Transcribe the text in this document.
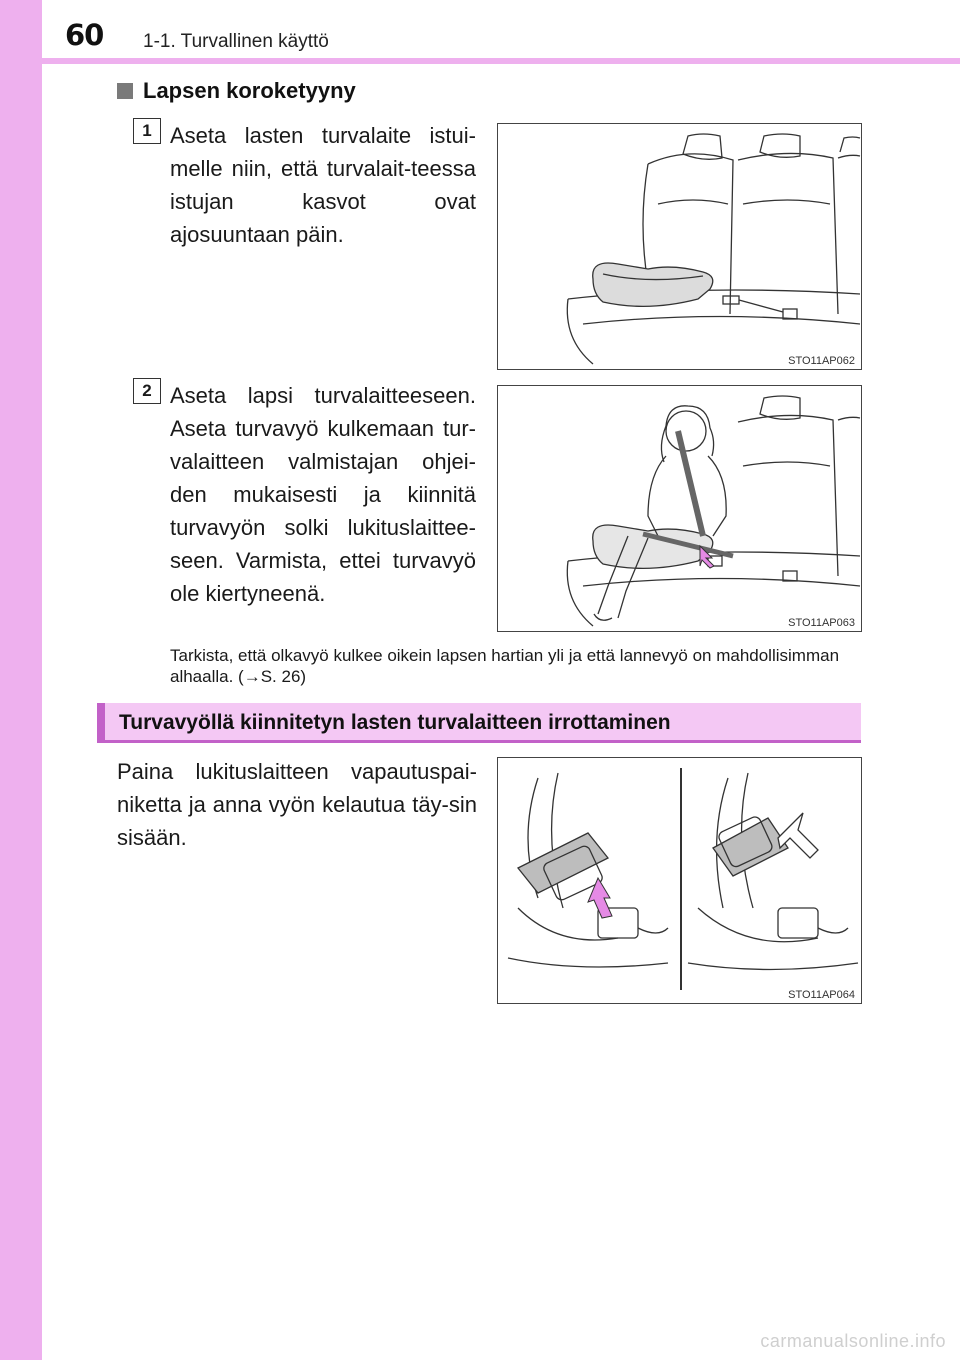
60 1-1. Turvallinen käyttö
Lapsen koroketyyny
1 Aseta lasten turvalaite istui-melle niin, että turvalait-teessa istujan kasvot ovat ajosuuntaan päin.
STO11AP062
2 Aseta lapsi turvalaitteeseen. Aseta turvavyö kulkemaan tur-valaitteen valmistajan ohjei-den mukaisesti ja kiinnitä turvavyön solki lukituslaittee-seen. Varmista, ettei turvavyö ole kiertyneenä.
STO11AP063
Tarkista, että olkavyö kulkee oikein lapsen hartian yli ja että lannevyö on mahdollisimman alhaalla. (→S. 26)
Turvavyöllä kiinnitetyn lasten turvalaitteen irrottaminen
Paina lukituslaitteen vapautuspai-niketta ja anna vyön kelautua täy-sin sisään.
STO11AP064
carmanualsonline.info
